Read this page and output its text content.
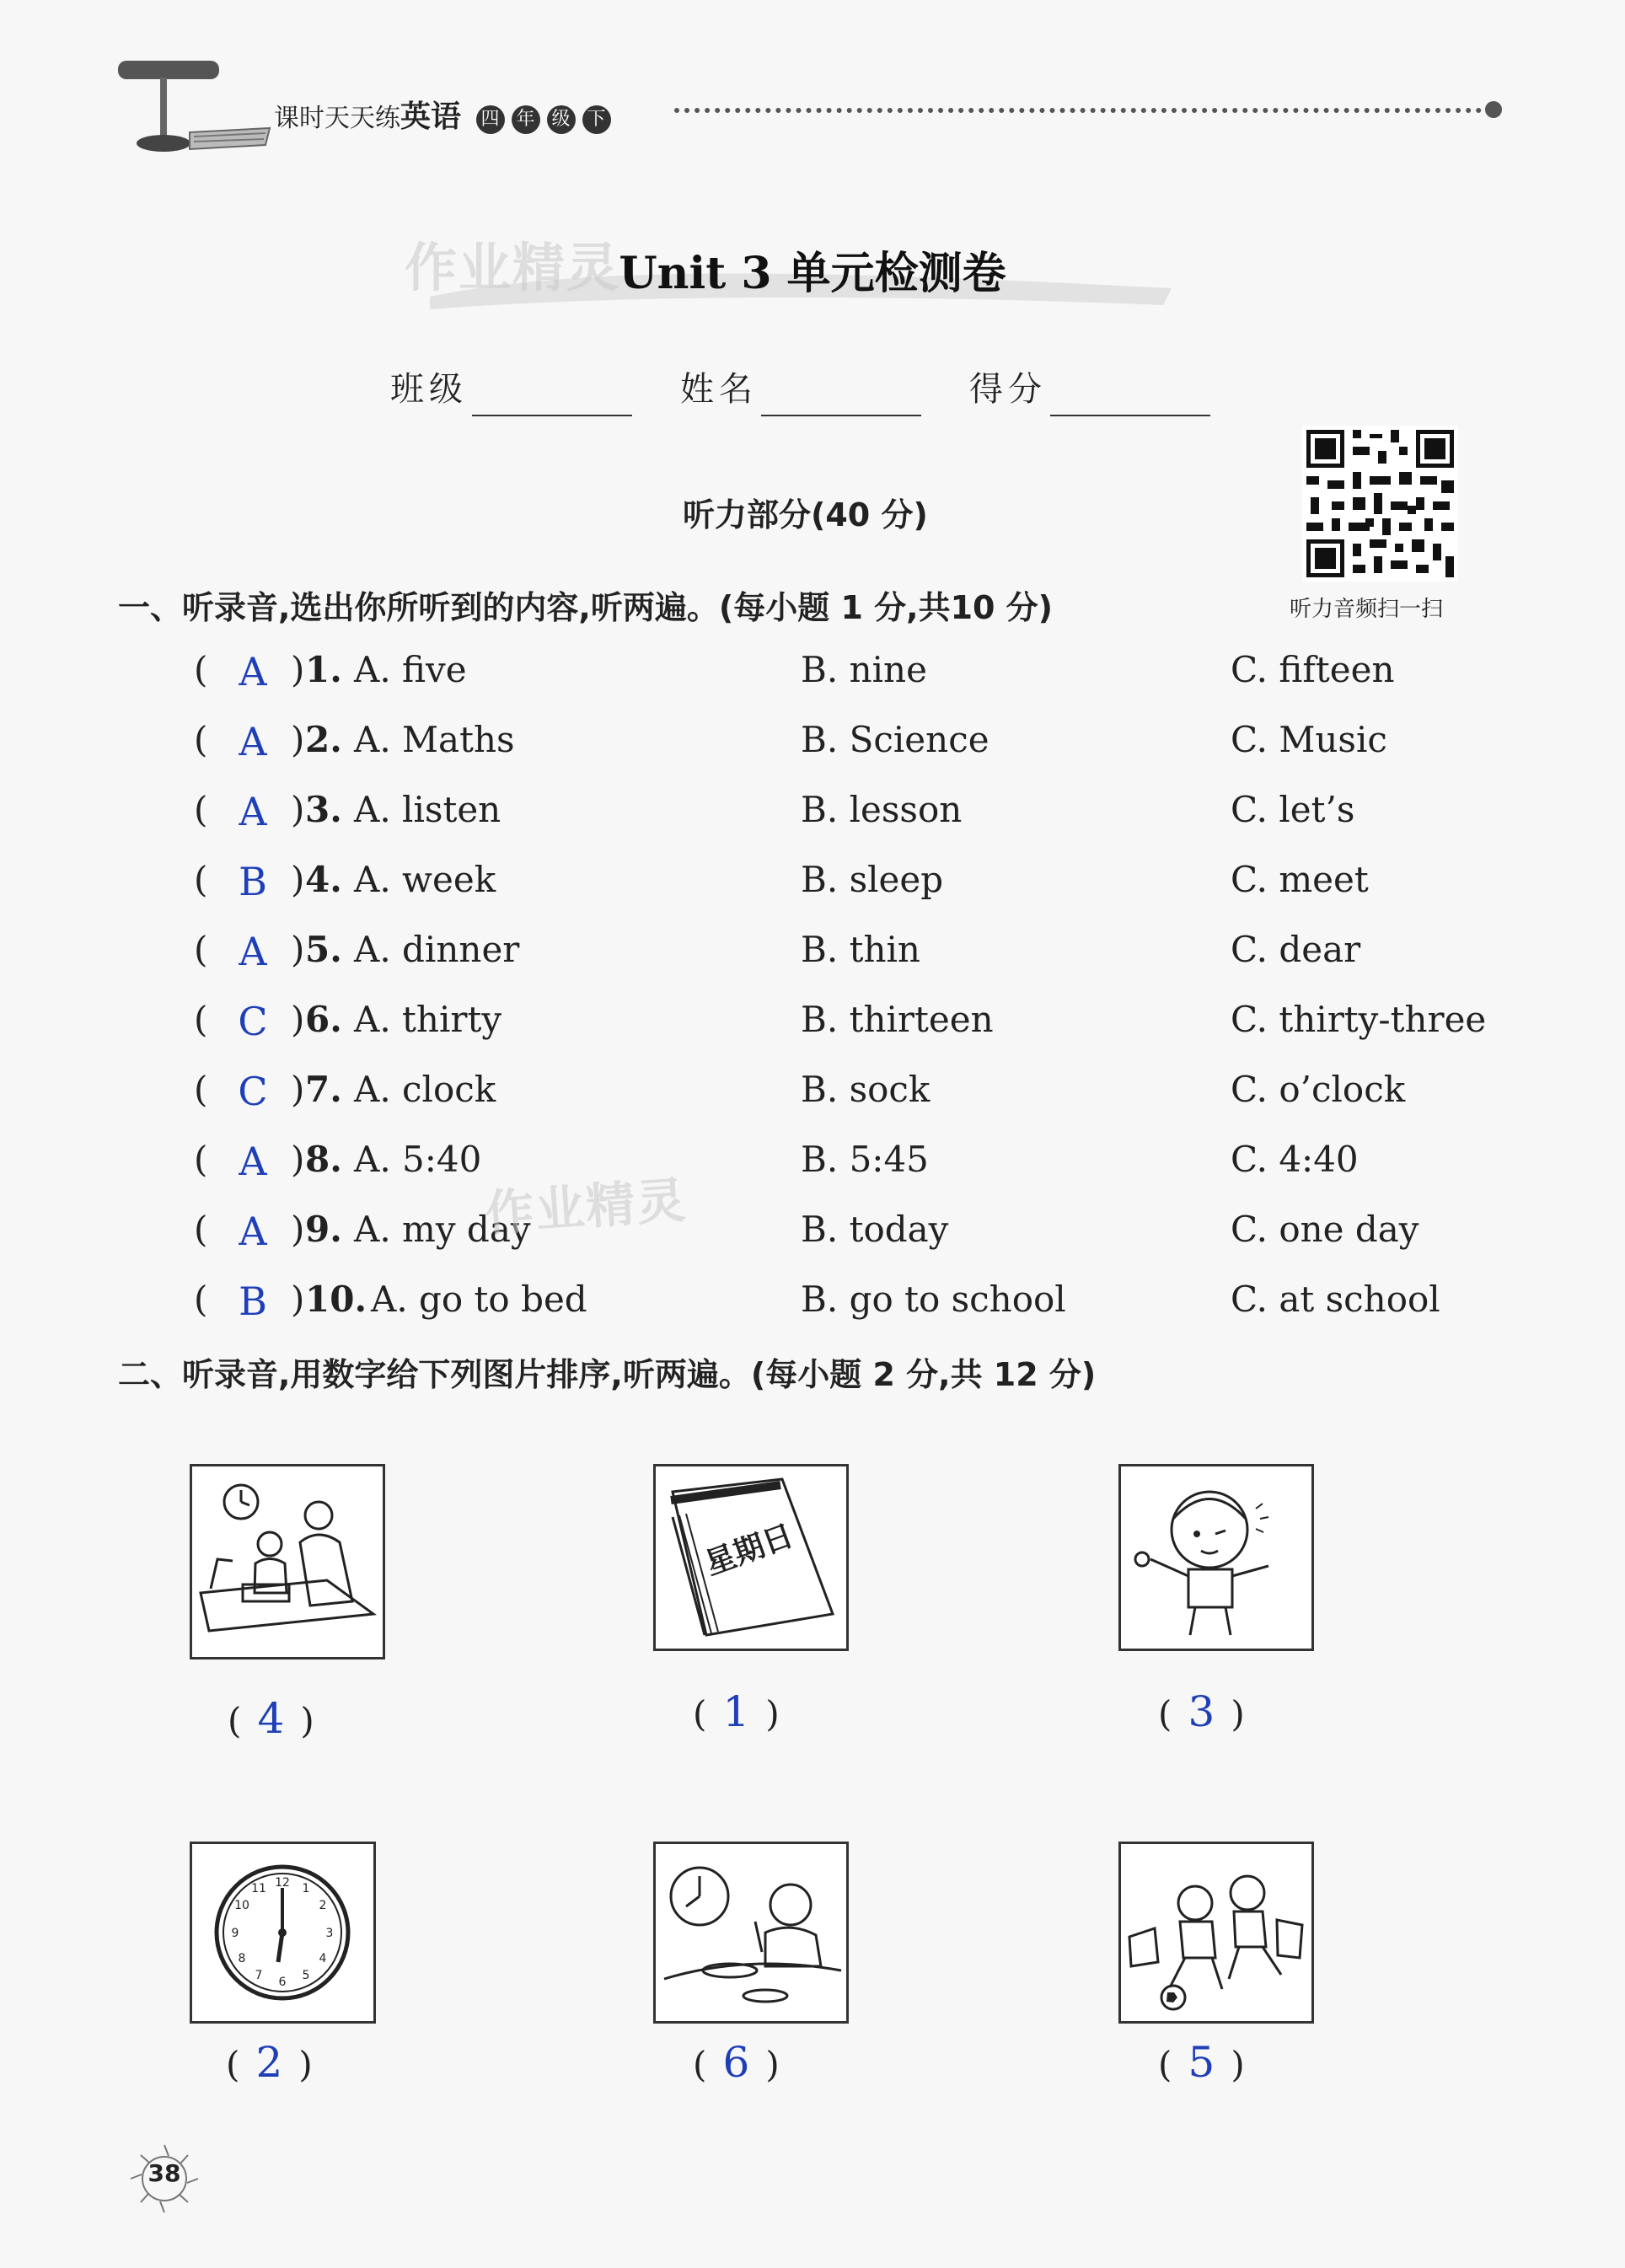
课时天天练英语 四 年 级 下
作业精灵
Unit 3 单元检测卷
班级	姓名	得分
听力部分(40 分)
听力音频扫一扫
一、听录音,选出你所听到的内容,听两遍。(每小题 1 分,共10 分)
( A ) 1. A. five	B. nine	C. fifteen
( A ) 2. A. Maths	B. Science	C. Music
( A ) 3. A. listen	B. lesson	C. let’s
( B ) 4. A. week	B. sleep	C. meet
( A ) 5. A. dinner	B. thin	C. dear
( C ) 6. A. thirty	B. thirteen	C. thirty-three
( C ) 7. A. clock	B. sock	C. o’clock
( A ) 8. A. 5:40	B. 5:45	C. 4:40
( A ) 9. A. my day	B. today	C. one day
( B ) 10. A. go to bed	B. go to school	C. at school
作业精灵
二、听录音,用数字给下列图片排序,听两遍。(每小题 2 分,共 12 分)
( 4 )
星期日
( 1 )	( 3 )
12 1
2
3
4
5
6
7
8
9
10
11
( 2 )	( 6 )	( 5 )
38
